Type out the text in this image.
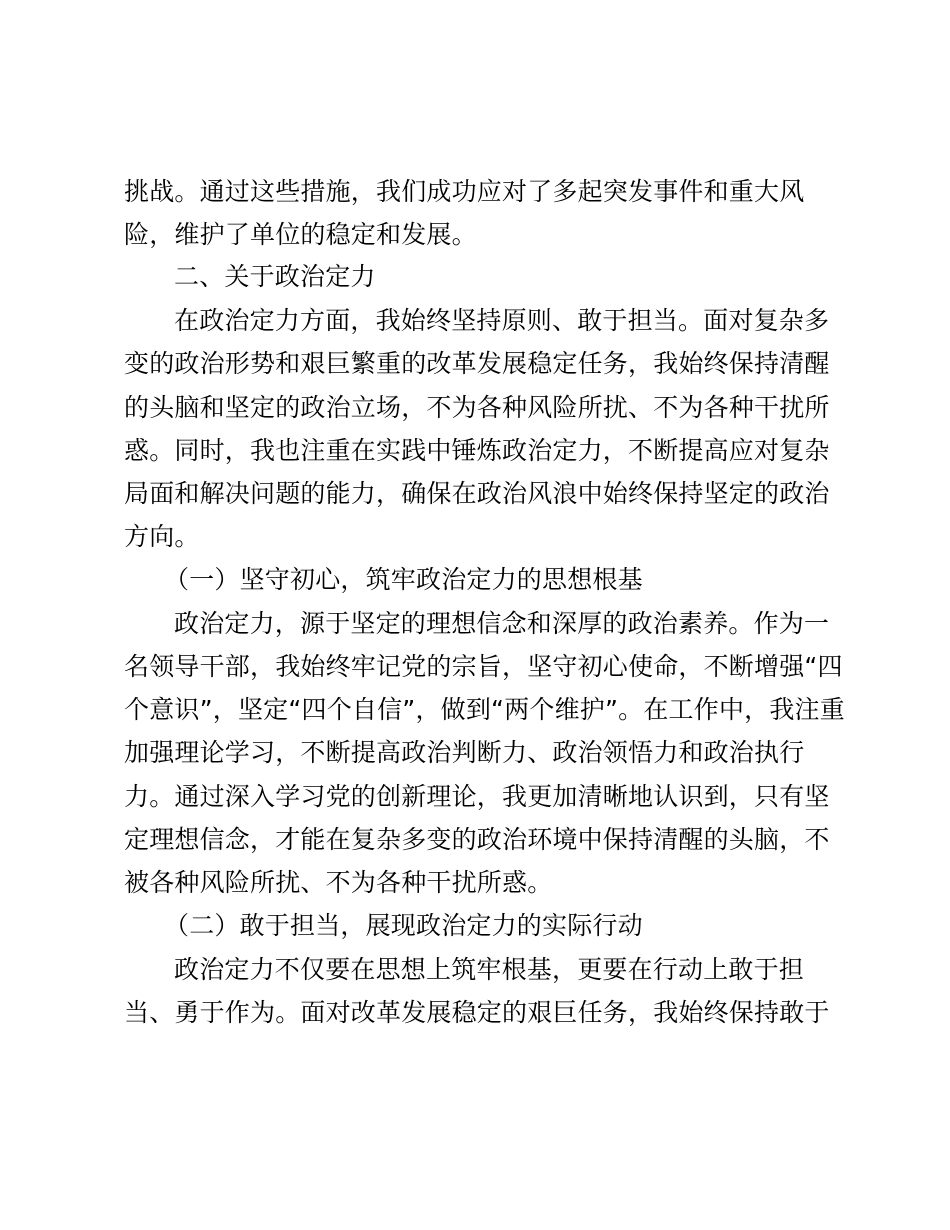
挑战。通过这些措施，我们成功应对了多起突发事件和重大风
险，维护了单位的稳定和发展。
二、关于政治定力
在政治定力方面，我始终坚持原则、敢于担当。面对复杂多
变的政治形势和艰巨繁重的改革发展稳定任务，我始终保持清醒
的头脑和坚定的政治立场，不为各种风险所扰、不为各种干扰所
惑。同时，我也注重在实践中锤炼政治定力，不断提高应对复杂
局面和解决问题的能力，确保在政治风浪中始终保持坚定的政治
方向。
（一）坚守初心，筑牢政治定力的思想根基
政治定力，源于坚定的理想信念和深厚的政治素养。作为一
名领导干部，我始终牢记党的宗旨，坚守初心使命，不断增强“四
个意识”，坚定“四个自信”，做到“两个维护”。在工作中，我注重
加强理论学习，不断提高政治判断力、政治领悟力和政治执行
力。通过深入学习党的创新理论，我更加清晰地认识到，只有坚
定理想信念，才能在复杂多变的政治环境中保持清醒的头脑，不
被各种风险所扰、不为各种干扰所惑。
（二）敢于担当，展现政治定力的实际行动
政治定力不仅要在思想上筑牢根基，更要在行动上敢于担
当、勇于作为。面对改革发展稳定的艰巨任务，我始终保持敢于
